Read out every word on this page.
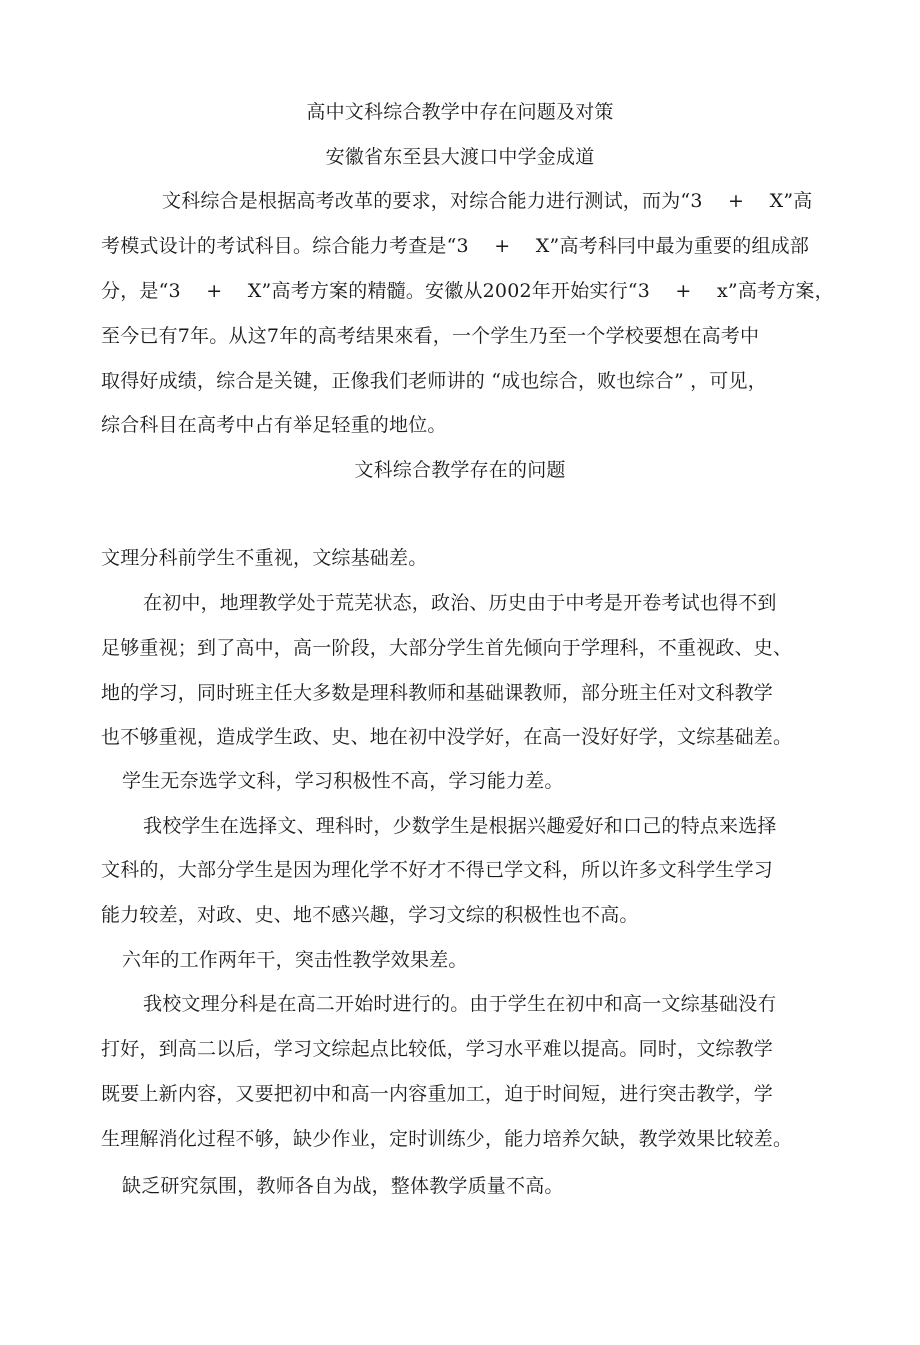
高中文科综合教学中存在问题及对策
安徽省东至县大渡口中学金成道
文科综合是根据高考改革的要求，对综合能力进行测试，而为“3　 +　 X”高
考模式设计的考试科目。综合能力考查是“3　 +　 X”高考科冃中最为重要的组成部
分，是“3　 +　 X”高考方案的精髓。安徽从2002年开始实行“3　 +　 x”高考方案，
至今已有7年。从这7年的高考结果來看，一个学生乃至一个学校要想在高考中
取得好成绩，综合是关键，正像我们老师讲的 “成也综合，败也综合” ，可见，
综合科目在高考中占有举足轻重的地位。
文科综合教学存在的问题
文理分科前学生不重视，文综基础差。
在初中，地理教学处于荒芜状态，政治、历史由于中考是开卷考试也得不到
足够重视；到了高中，高一阶段，大部分学生首先倾向于学理科，不重视政、史、
地的学习，同时班主任大多数是理科教师和基础课教师，部分班主任对文科教学
也不够重视，造成学生政、史、地在初中没学好，在高一没好好学，文综基础差。
学生无奈选学文科，学习积极性不高，学习能力差。
我校学生在选择文、理科时，少数学生是根据兴趣爱好和口己的特点来选择
文科的，大部分学生是因为理化学不好才不得已学文科，所以许多文科学生学习
能力较差，对政、史、地不感兴趣，学习文综的积极性也不高。
六年的工作两年干，突击性教学效果差。
我校文理分科是在高二开始时进行的。由于学生在初中和高一文综基础没冇
打好，到高二以后，学习文综起点比较低，学习水平难以提高。同时，文综教学
既要上新内容，又要把初中和高一内容重加工，迫于时间短，进行突击教学，学
生理解消化过程不够，缺少作业，定时训练少，能力培养欠缺，教学效果比较差。
缺乏研究氛围，教师各自为战，整体教学质量不高。
